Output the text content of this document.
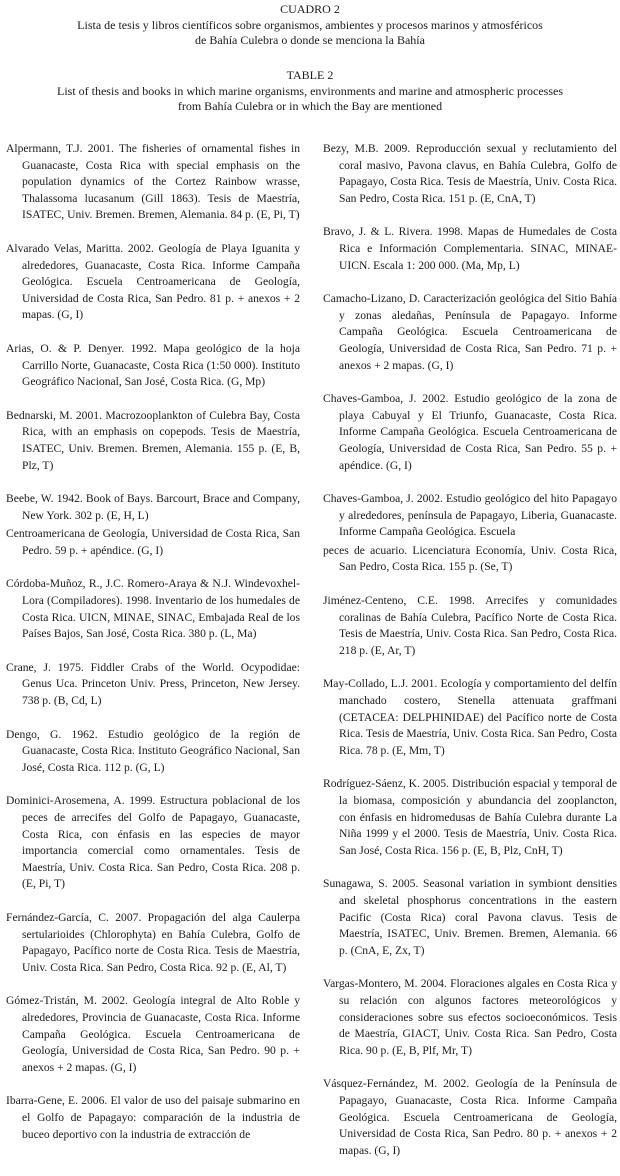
CUADRO 2
Lista de tesis y libros científicos sobre organismos, ambientes y procesos marinos y atmosféricos
de Bahía Culebra o donde se menciona la Bahía
TABLE 2
List of thesis and books in which marine organisms, environments and marine and atmospheric processes
from Bahía Culebra or in which the Bay are mentioned

Alpermann, T.J. 2001. The fisheries of ornamental fishes in Guanacaste, Costa Rica with special emphasis on the population dynamics of the Cortez Rainbow wrasse, Thalassoma lucasanum (Gill 1863). Tesis de Maestría, ISATEC, Univ. Bremen. Bremen, Alemania. 84 p. (E, Pi, T)

Alvarado Velas, Maritta. 2002. Geología de Playa Iguanita y alrededores, Guanacaste, Costa Rica. Informe Campaña Geológica. Escuela Centroamericana de Geología, Universidad de Costa Rica, San Pedro. 81 p. + anexos + 2 mapas. (G, I)

Arias, O. & P. Denyer. 1992. Mapa geológico de la hoja Carrillo Norte, Guanacaste, Costa Rica (1:50 000). Instituto Geográfico Nacional, San José, Costa Rica. (G, Mp)

Bednarski, M. 2001. Macrozooplankton of Culebra Bay, Costa Rica, with an emphasis on copepods. Tesis de Maestría, ISATEC, Univ. Bremen. Bremen, Alemania. 155 p. (E, B, Plz, T)

Beebe, W. 1942. Book of Bays. Barcourt, Brace and Company, New York. 302 p. (E, H, L)

Centroamericana de Geología, Universidad de Costa Rica, San Pedro. 59 p. + apéndice. (G, I)

Córdoba-Muñoz, R., J.C. Romero-Araya & N.J. Windevoxhel-Lora (Compiladores). 1998. Inventario de los humedales de Costa Rica. UICN, MINAE, SINAC, Embajada Real de los Países Bajos, San José, Costa Rica. 380 p. (L, Ma)

Crane, J. 1975. Fiddler Crabs of the World. Ocypodidae: Genus Uca. Princeton Univ. Press, Princeton, New Jersey. 738 p. (B, Cd, L)

Dengo, G. 1962. Estudio geológico de la región de Guanacaste, Costa Rica. Instituto Geográfico Nacional, San José, Costa Rica. 112 p. (G, L)

Dominici-Arosemena, A. 1999. Estructura poblacional de los peces de arrecifes del Golfo de Papagayo, Guanacaste, Costa Rica, con énfasis en las especies de mayor importancia comercial como ornamentales. Tesis de Maestría, Univ. Costa Rica. San Pedro, Costa Rica. 208 p. (E, Pi, T)

Fernández-García, C. 2007. Propagación del alga Caulerpa sertularioides (Chlorophyta) en Bahía Culebra, Golfo de Papagayo, Pacífico norte de Costa Rica. Tesis de Maestría, Univ. Costa Rica. San Pedro, Costa Rica. 92 p. (E, Al, T)

Gómez-Tristán, M. 2002. Geología integral de Alto Roble y alrededores, Provincia de Guanacaste, Costa Rica. Informe Campaña Geológica. Escuela Centroamericana de Geología, Universidad de Costa Rica, San Pedro. 90 p. + anexos + 2 mapas. (G, I)

Ibarra-Gene, E. 2006. El valor de uso del paisaje submarino en el Golfo de Papagayo: comparación de la industria de buceo deportivo con la industria de extracción de

Bezy, M.B. 2009. Reproducción sexual y reclutamiento del coral masivo, Pavona clavus, en Bahía Culebra, Golfo de Papagayo, Costa Rica. Tesis de Maestría, Univ. Costa Rica. San Pedro, Costa Rica. 151 p. (E, CnA, T)

Bravo, J. & L. Rivera. 1998. Mapas de Humedales de Costa Rica e Información Complementaria. SINAC, MINAE-UICN. Escala 1: 200 000. (Ma, Mp, L)

Camacho-Lizano, D. Caracterización geológica del Sitio Bahía y zonas aledañas, Península de Papagayo. Informe Campaña Geológica. Escuela Centroamericana de Geología, Universidad de Costa Rica, San Pedro. 71 p. + anexos + 2 mapas. (G, I)

Chaves-Gamboa, J. 2002. Estudio geológico de la zona de playa Cabuyal y El Triunfo, Guanacaste, Costa Rica. Informe Campaña Geológica. Escuela Centroamericana de Geología, Universidad de Costa Rica, San Pedro. 55 p. + apéndice. (G, I)

Chaves-Gamboa, J. 2002. Estudio geológico del hito Papagayo y alrededores, península de Papagayo, Liberia, Guanacaste. Informe Campaña Geológica. Escuela

peces de acuario. Licenciatura Economía, Univ. Costa Rica, San Pedro, Costa Rica. 155 p. (Se, T)

Jiménez-Centeno, C.E. 1998. Arrecifes y comunidades coralinas de Bahía Culebra, Pacífico Norte de Costa Rica. Tesis de Maestría, Univ. Costa Rica. San Pedro, Costa Rica. 218 p. (E, Ar, T)

May-Collado, L.J. 2001. Ecología y comportamiento del delfín manchado costero, Stenella attenuata graffmani (CETACEA: DELPHINIDAE) del Pacífico norte de Costa Rica. Tesis de Maestría, Univ. Costa Rica. San Pedro, Costa Rica. 78 p. (E, Mm, T)

Rodríguez-Sáenz, K. 2005. Distribución espacial y temporal de la biomasa, composición y abundancia del zooplancton, con énfasis en hidromedusas de Bahía Culebra durante La Niña 1999 y el 2000. Tesis de Maestría, Univ. Costa Rica. San José, Costa Rica. 156 p. (E, B, Plz, CnH, T)

Sunagawa, S. 2005. Seasonal variation in symbiont densities and skeletal phosphorus concentrations in the eastern Pacific (Costa Rica) coral Pavona clavus. Tesis de Maestría, ISATEC, Univ. Bremen. Bremen, Alemania. 66 p. (CnA, E, Zx, T)

Vargas-Montero, M. 2004. Floraciones algales en Costa Rica y su relación con algunos factores meteorológicos y consideraciones sobre sus efectos socioeconómicos. Tesis de Maestría, GIACT, Univ. Costa Rica. San Pedro, Costa Rica. 90 p. (E, B, Plf, Mr, T)

Vásquez-Fernández, M. 2002. Geología de la Península de Papagayo, Guanacaste, Costa Rica. Informe Campaña Geológica. Escuela Centroamericana de Geología, Universidad de Costa Rica, San Pedro. 80 p. + anexos + 2 mapas. (G, I)
